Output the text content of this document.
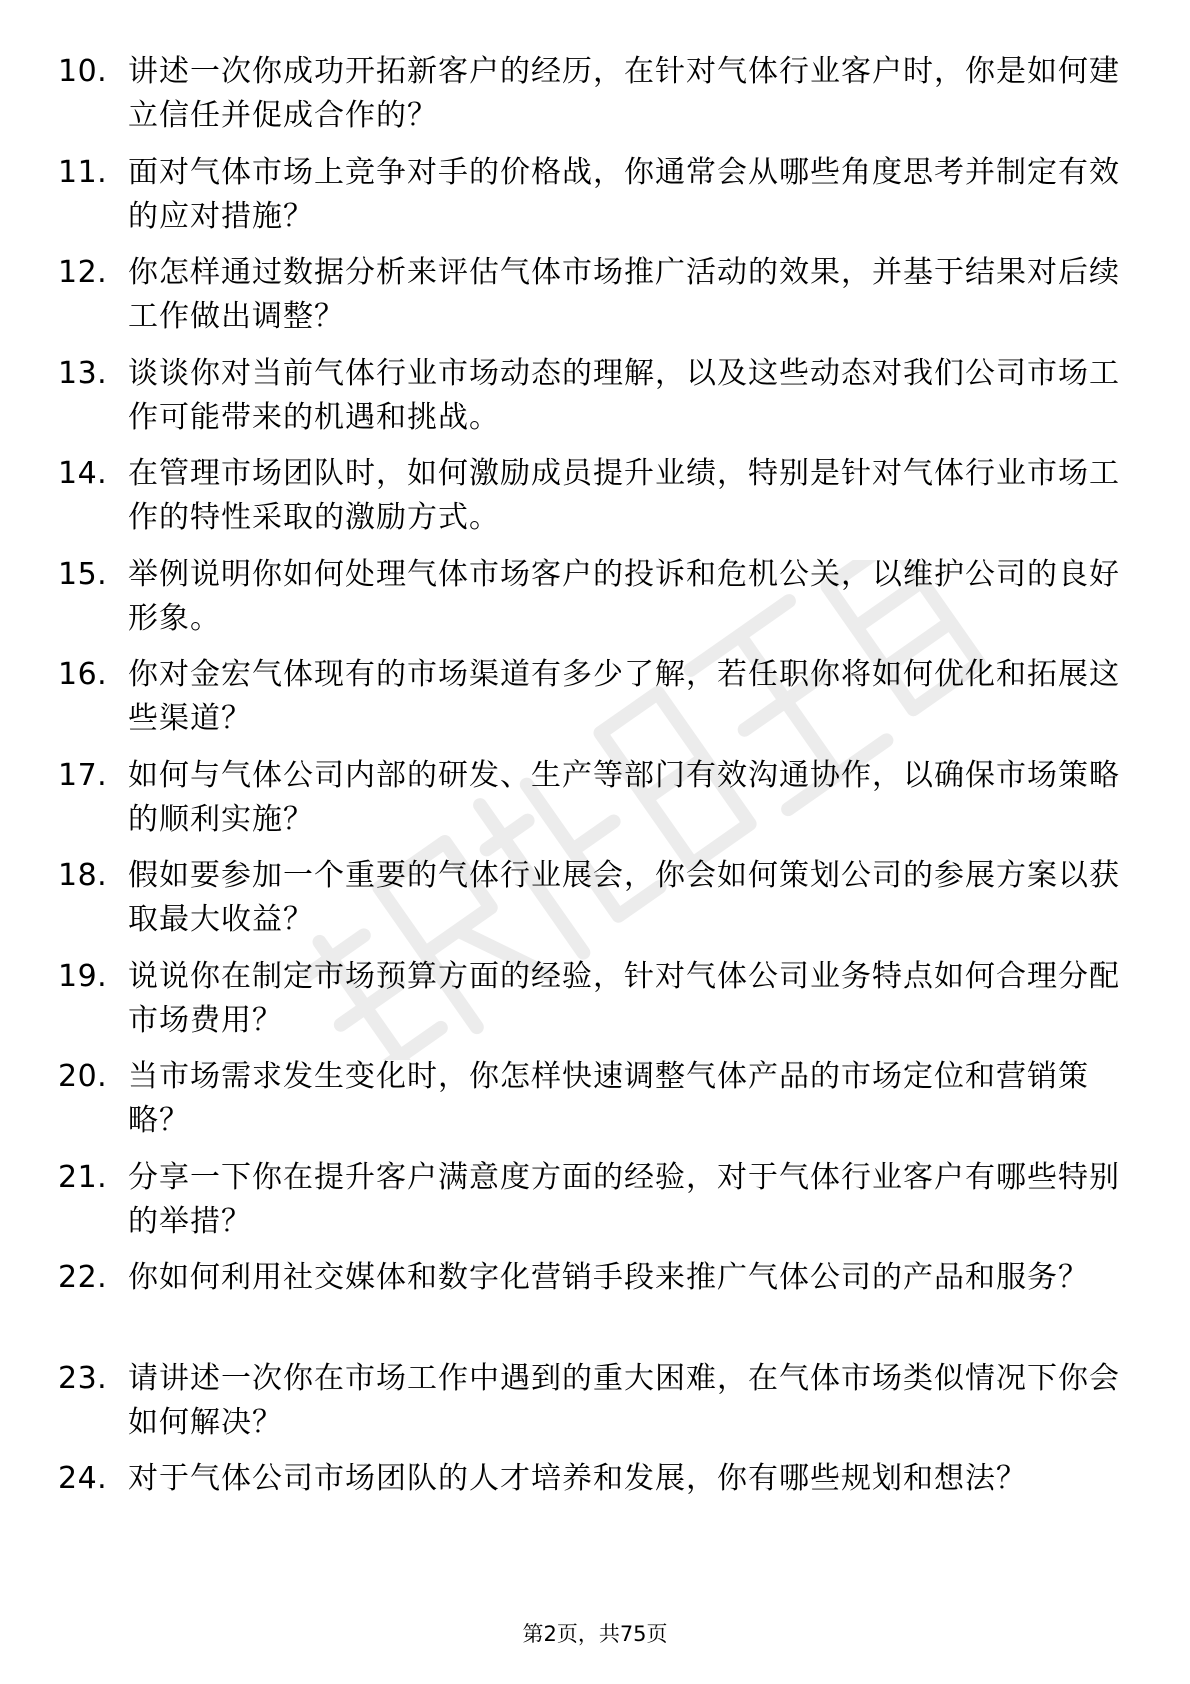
10. 讲述一次你成功开拓新客户的经历，在针对气体行业客户时，你是如何建立信任并促成合作的？
11. 面对气体市场上竞争对手的价格战，你通常会从哪些角度思考并制定有效的应对措施？
12. 你怎样通过数据分析来评估气体市场推广活动的效果，并基于结果对后续工作做出调整？
13. 谈谈你对当前气体行业市场动态的理解，以及这些动态对我们公司市场工作可能带来的机遇和挑战。
14. 在管理市场团队时，如何激励成员提升业绩，特别是针对气体行业市场工作的特性采取的激励方式。
15. 举例说明你如何处理气体市场客户的投诉和危机公关，以维护公司的良好形象。
16. 你对金宏气体现有的市场渠道有多少了解，若任职你将如何优化和拓展这些渠道？
17. 如何与气体公司内部的研发、生产等部门有效沟通协作，以确保市场策略的顺利实施？
18. 假如要参加一个重要的气体行业展会，你会如何策划公司的参展方案以获取最大收益？
19. 说说你在制定市场预算方面的经验，针对气体公司业务特点如何合理分配市场费用？
20. 当市场需求发生变化时，你怎样快速调整气体产品的市场定位和营销策略？
21. 分享一下你在提升客户满意度方面的经验，对于气体行业客户有哪些特别的举措？
22. 你如何利用社交媒体和数字化营销手段来推广气体公司的产品和服务？
23. 请讲述一次你在市场工作中遇到的重大困难，在气体市场类似情况下你会如何解决？
24. 对于气体公司市场团队的人才培养和发展，你有哪些规划和想法？
第2页，共75页
